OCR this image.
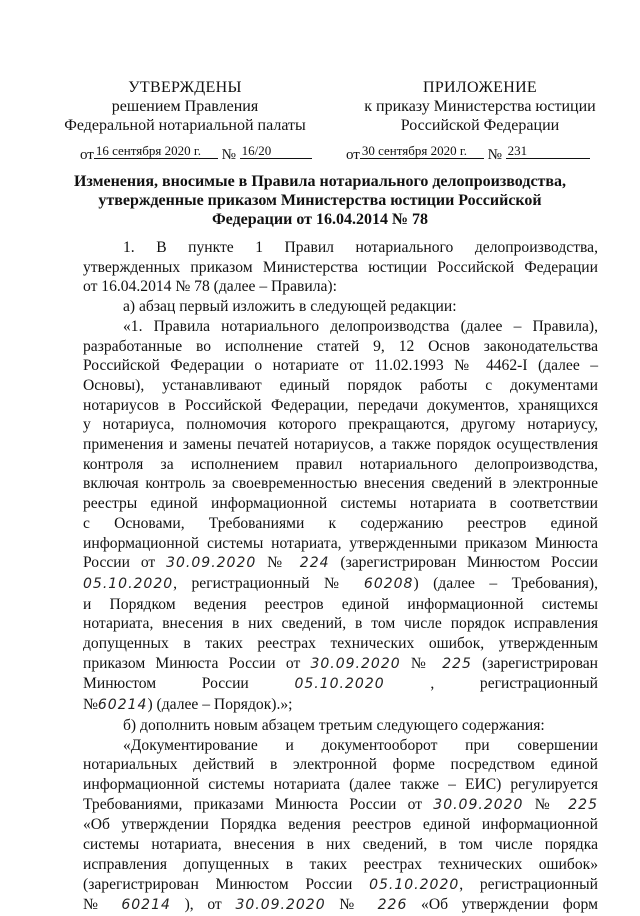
УТВЕРЖДЕНЫ
решением Правления
Федеральной нотариальной палаты
ПРИЛОЖЕНИЕ
к приказу Министерства юстиции
Российской Федерации
от 16 сентября 2020 г. № 16/20	от 30 сентября 2020 г. № 231
Изменения, вносимые в Правила нотариального делопроизводства,
утвержденные приказом Министерства юстиции Российской
Федерации от 16.04.2014 № 78
1. В пункте 1 Правил нотариального делопроизводства,
утвержденных приказом Министерства юстиции Российской Федерации
от 16.04.2014 № 78 (далее – Правила):
а) абзац первый изложить в следующей редакции:
«1. Правила нотариального делопроизводства (далее – Правила),
разработанные во исполнение статей 9, 12 Основ законодательства
Российской Федерации о нотариате от 11.02.1993 № 4462-I (далее –
Основы), устанавливают единый порядок работы с документами
нотариусов в Российской Федерации, передачи документов, хранящихся
у нотариуса, полномочия которого прекращаются, другому нотариусу,
применения и замены печатей нотариусов, а также порядок осуществления
контроля за исполнением правил нотариального делопроизводства,
включая контроль за своевременностью внесения сведений в электронные
реестры единой информационной системы нотариата в соответствии
с Основами, Требованиями к содержанию реестров единой
информационной системы нотариата, утвержденными приказом Минюста
России от 30.09.2020 № 224 (зарегистрирован Минюстом России
05.10.2020, регистрационный № 60208) (далее – Требования),
и Порядком ведения реестров единой информационной системы
нотариата, внесения в них сведений, в том числе порядок исправления
допущенных в таких реестрах технических ошибок, утвержденным
приказом Минюста России от 30.09.2020 № 225 (зарегистрирован
Минюстом России 05.10.2020 , регистрационный
№60214) (далее – Порядок).»;
б) дополнить новым абзацем третьим следующего содержания:
«Документирование и документооборот при совершении
нотариальных действий в электронной форме посредством единой
информационной системы нотариата (далее также – ЕИС) регулируется
Требованиями, приказами Минюста России от 30.09.2020 № 225
«Об утверждении Порядка ведения реестров единой информационной
системы нотариата, внесения в них сведений, в том числе порядка
исправления допущенных в таких реестрах технических ошибок»
(зарегистрирован Минюстом России 05.10.2020, регистрационный
№ 60214 ), от 30.09.2020 № 226 «Об утверждении форм
